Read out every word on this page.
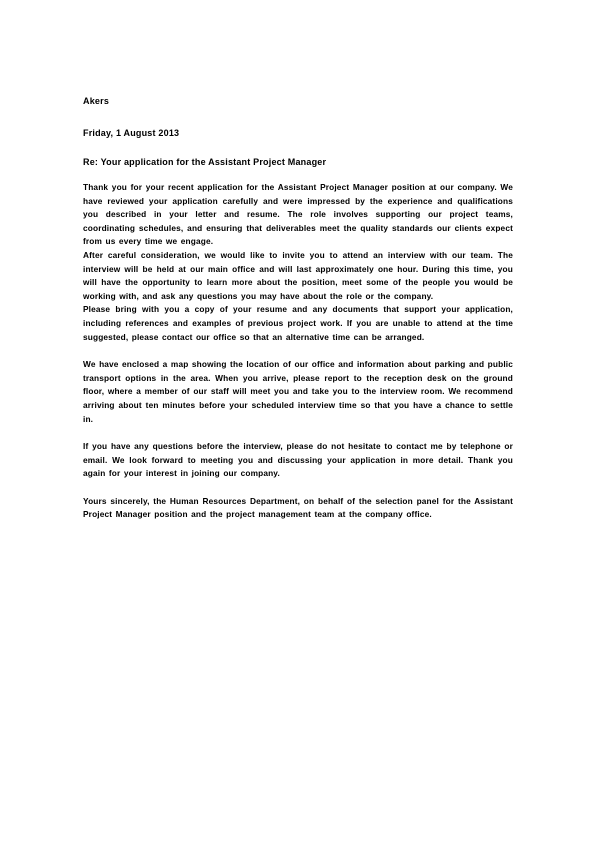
Akers
Friday, 1 August 2013
Re: Your application for the Assistant Project Manager

Thank you for your recent application for the Assistant Project Manager position at our company. We have reviewed your application carefully and were impressed by the experience and qualifications you described in your letter and resume. The role involves supporting our project teams, coordinating schedules, and ensuring that deliverables meet the quality standards our clients expect from us every time we engage.

After careful consideration, we would like to invite you to attend an interview with our team. The interview will be held at our main office and will last approximately one hour. During this time, you will have the opportunity to learn more about the position, meet some of the people you would be working with, and ask any questions you may have about the role or the company.

Please bring with you a copy of your resume and any documents that support your application, including references and examples of previous project work. If you are unable to attend at the time suggested, please contact our office so that an alternative time can be arranged.

We have enclosed a map showing the location of our office and information about parking and public transport options in the area. When you arrive, please report to the reception desk on the ground floor, where a member of our staff will meet you and take you to the interview room. We recommend arriving about ten minutes before your scheduled interview time so that you have a chance to settle in.

If you have any questions before the interview, please do not hesitate to contact me by telephone or email. We look forward to meeting you and discussing your application in more detail. Thank you again for your interest in joining our company.

Yours sincerely, the Human Resources Department, on behalf of the selection panel for the Assistant Project Manager position and the project management team at the company office.
